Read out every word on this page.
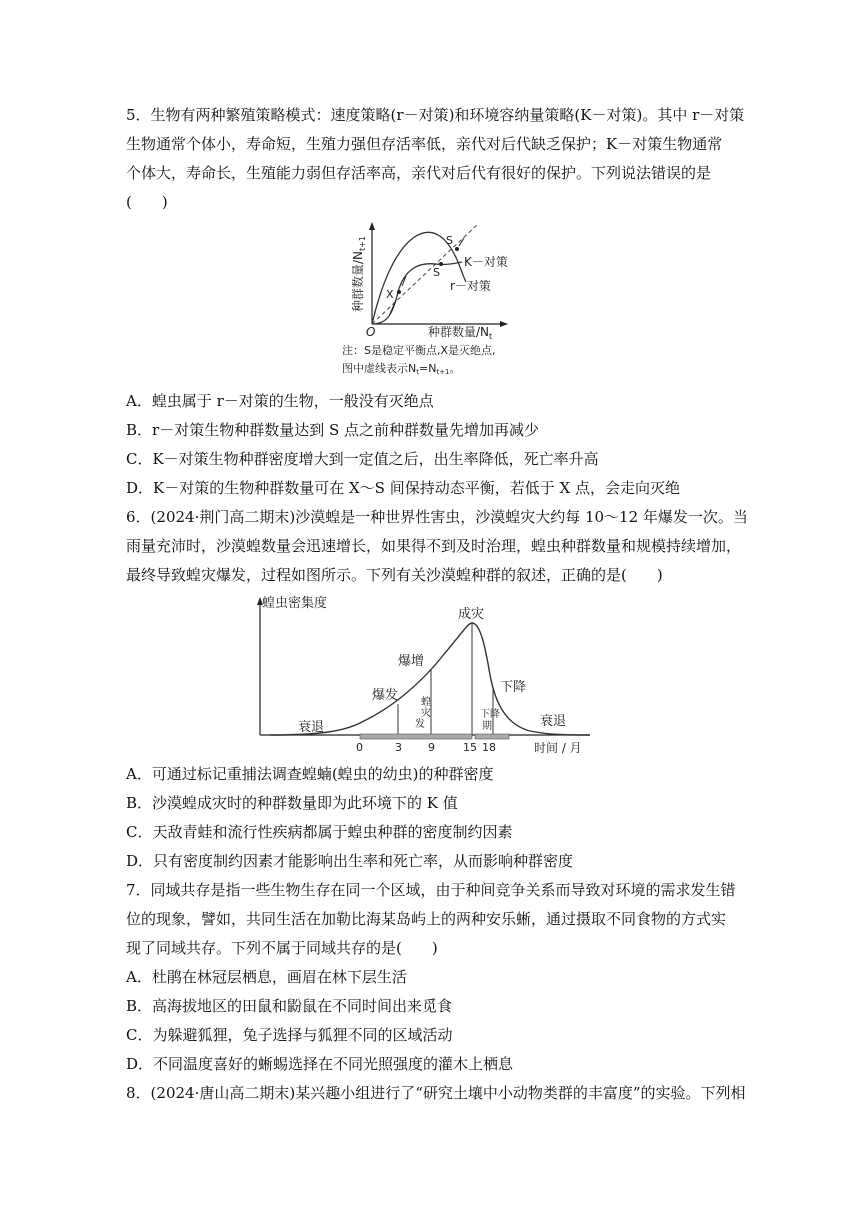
5．生物有两种繁殖策略模式：速度策略(r－对策)和环境容纳量策略(K－对策)。其中 r－对策
生物通常个体小，寿命短，生殖力强但存活率低，亲代对后代缺乏保护；K－对策生物通常
个体大，寿命长，生殖能力弱但存活率高，亲代对后代有很好的保护。下列说法错误的是
(　　)
种群数量$/N_{t+1}$
O	种群数量$/N_t$
S
S
X
K－对策
r－对策
注：S是稳定平衡点,X是灭绝点,
图中虚线表示Nt=Nt+1。
A．蝗虫属于 r－对策的生物，一般没有灭绝点
B．r－对策生物种群数量达到 S 点之前种群数量先增加再减少
C．K－对策生物种群密度增大到一定值之后，出生率降低，死亡率升高
D．K－对策的生物种群数量可在 X～S 间保持动态平衡，若低于 X 点，会走向灭绝
6．(2024·荆门高二期末)沙漠蝗是一种世界性害虫，沙漠蝗灾大约每 10～12 年爆发一次。当
雨量充沛时，沙漠蝗数量会迅速增长，如果得不到及时治理，蝗虫种群数量和规模持续增加，
最终导致蝗灾爆发，过程如图所示。下列有关沙漠蝗种群的叙述，正确的是(　　)
蝗虫密集度
衰退
爆发
爆增
成灾
下降
衰退
蝗
灾
发
下 降
期
0	3 9	15 18	时间 / 月
A．可通过标记重捕法调查蝗蝻(蝗虫的幼虫)的种群密度
B．沙漠蝗成灾时的种群数量即为此环境下的 K 值
C．天敌青蛙和流行性疾病都属于蝗虫种群的密度制约因素
D．只有密度制约因素才能影响出生率和死亡率，从而影响种群密度
7．同域共存是指一些生物生存在同一个区域，由于种间竞争关系而导致对环境的需求发生错
位的现象，譬如，共同生活在加勒比海某岛屿上的两种安乐蜥，通过摄取不同食物的方式实
现了同域共存。下列不属于同域共存的是(　　)
A．杜鹃在林冠层栖息，画眉在林下层生活
B．高海拔地区的田鼠和鼢鼠在不同时间出来觅食
C．为躲避狐狸，兔子选择与狐狸不同的区域活动
D．不同温度喜好的蜥蜴选择在不同光照强度的灌木上栖息
8．(2024·唐山高二期末)某兴趣小组进行了“研究土壤中小动物类群的丰富度”的实验。下列相
